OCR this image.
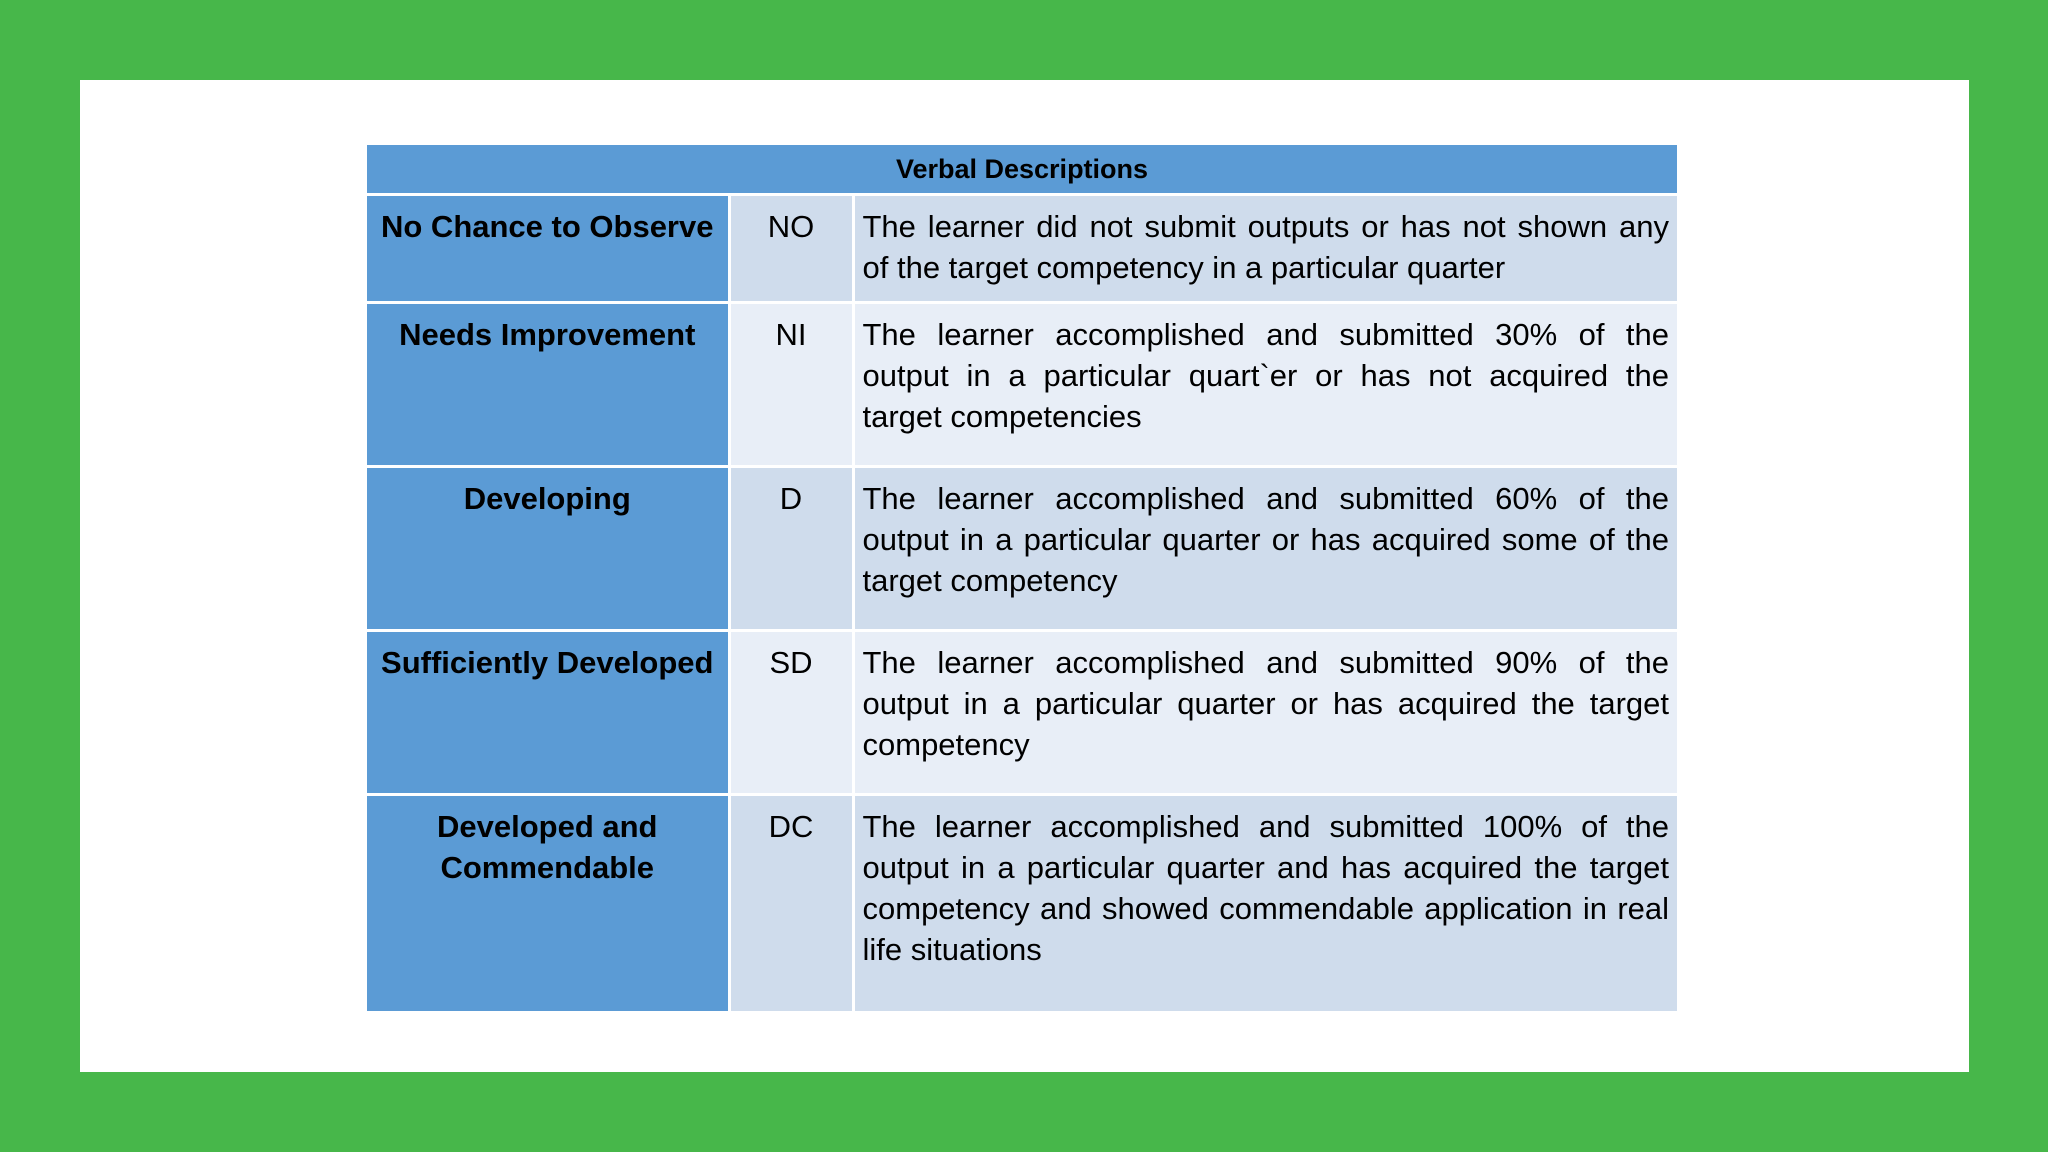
Verbal Descriptions		
No Chance to Observe	NO	The learner did not submit outputs or has not shown any of the target competency in a particular quarter
Needs Improvement	NI	The learner accomplished and submitted 30% of the output in a particular quart`er or has not acquired the target competencies
Developing	D	The learner accomplished and submitted 60% of the output in a particular quarter or has acquired some of the target competency
Sufficiently Developed	SD	The learner accomplished and submitted 90% of the output in a particular quarter or has acquired the target competency
Developed and Commendable	DC	The learner accomplished and submitted 100% of the output in a particular quarter and has acquired the target competency and showed commendable application in real life situations
